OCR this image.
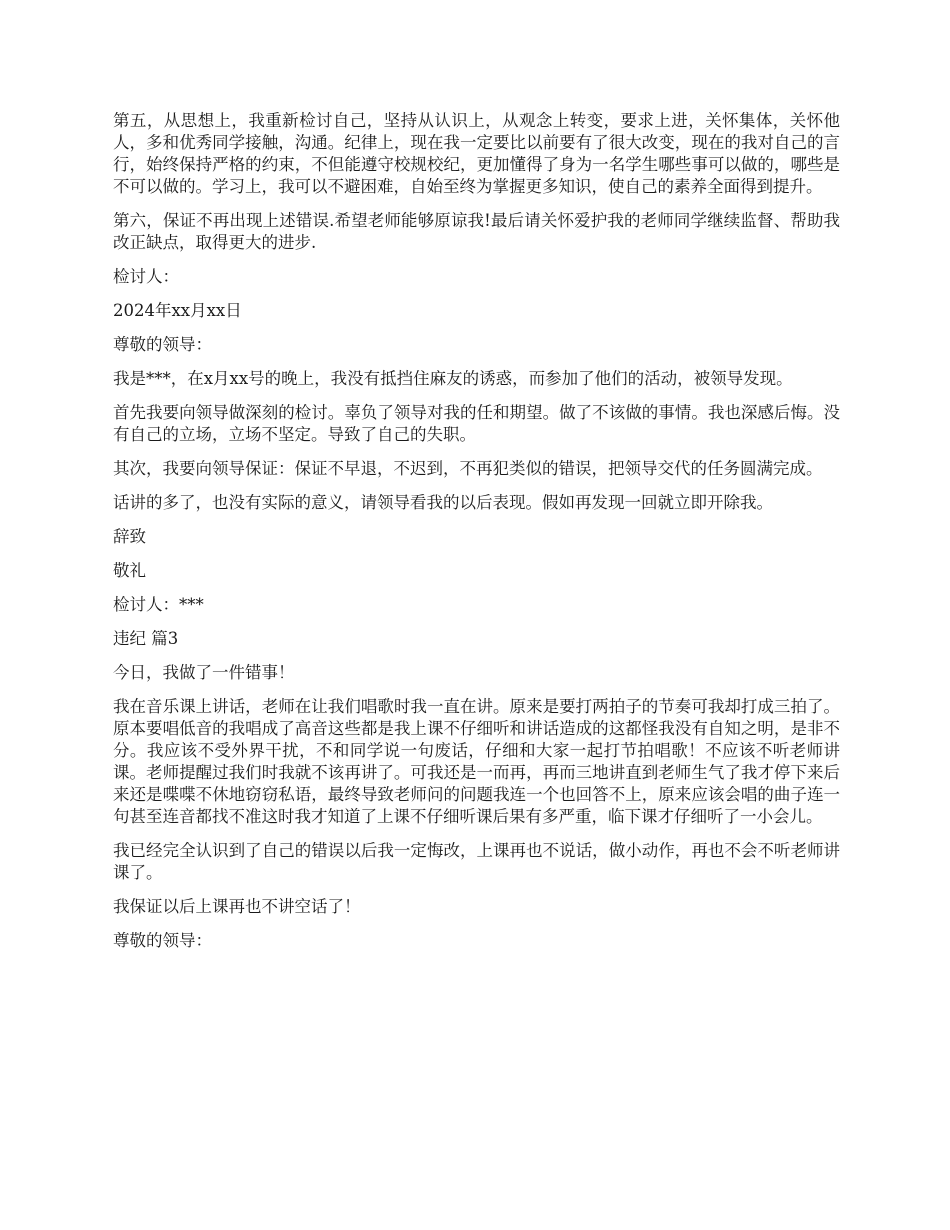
第五，从思想上，我重新检讨自己，坚持从认识上，从观念上转变，要求上进，关怀集体，关怀他人，多和优秀同学接触，沟通。纪律上，现在我一定要比以前要有了很大改变，现在的我对自己的言行，始终保持严格的约束，不但能遵守校规校纪，更加懂得了身为一名学生哪些事可以做的，哪些是不可以做的。学习上，我可以不避困难，自始至终为掌握更多知识，使自己的素养全面得到提升。

第六，保证不再出现上述错误.希望老师能够原谅我!最后请关怀爱护我的老师同学继续监督、帮助我改正缺点，取得更大的进步.

检讨人：

2024年xx月xx日

尊敬的领导：

我是***，在x月xx号的晚上，我没有抵挡住麻友的诱惑，而参加了他们的活动，被领导发现。

首先我要向领导做深刻的检讨。辜负了领导对我的任和期望。做了不该做的事情。我也深感后悔。没有自己的立场，立场不坚定。导致了自己的失职。

其次，我要向领导保证：保证不早退，不迟到，不再犯类似的错误，把领导交代的任务圆满完成。

话讲的多了，也没有实际的意义，请领导看我的以后表现。假如再发现一回就立即开除我。

辞致

敬礼

检讨人：***

违纪 篇3

今日，我做了一件错事！

我在音乐课上讲话，老师在让我们唱歌时我一直在讲。原来是要打两拍子的节奏可我却打成三拍了。原本要唱低音的我唱成了高音这些都是我上课不仔细听和讲话造成的这都怪我没有自知之明，是非不分。我应该不受外界干扰，不和同学说一句废话，仔细和大家一起打节拍唱歌！不应该不听老师讲课。老师提醒过我们时我就不该再讲了。可我还是一而再，再而三地讲直到老师生气了我才停下来后来还是喋喋不休地窃窃私语，最终导致老师问的问题我连一个也回答不上，原来应该会唱的曲子连一句甚至连音都找不准这时我才知道了上课不仔细听课后果有多严重，临下课才仔细听了一小会儿。

我已经完全认识到了自己的错误以后我一定悔改，上课再也不说话，做小动作，再也不会不听老师讲课了。

我保证以后上课再也不讲空话了！

尊敬的领导：
